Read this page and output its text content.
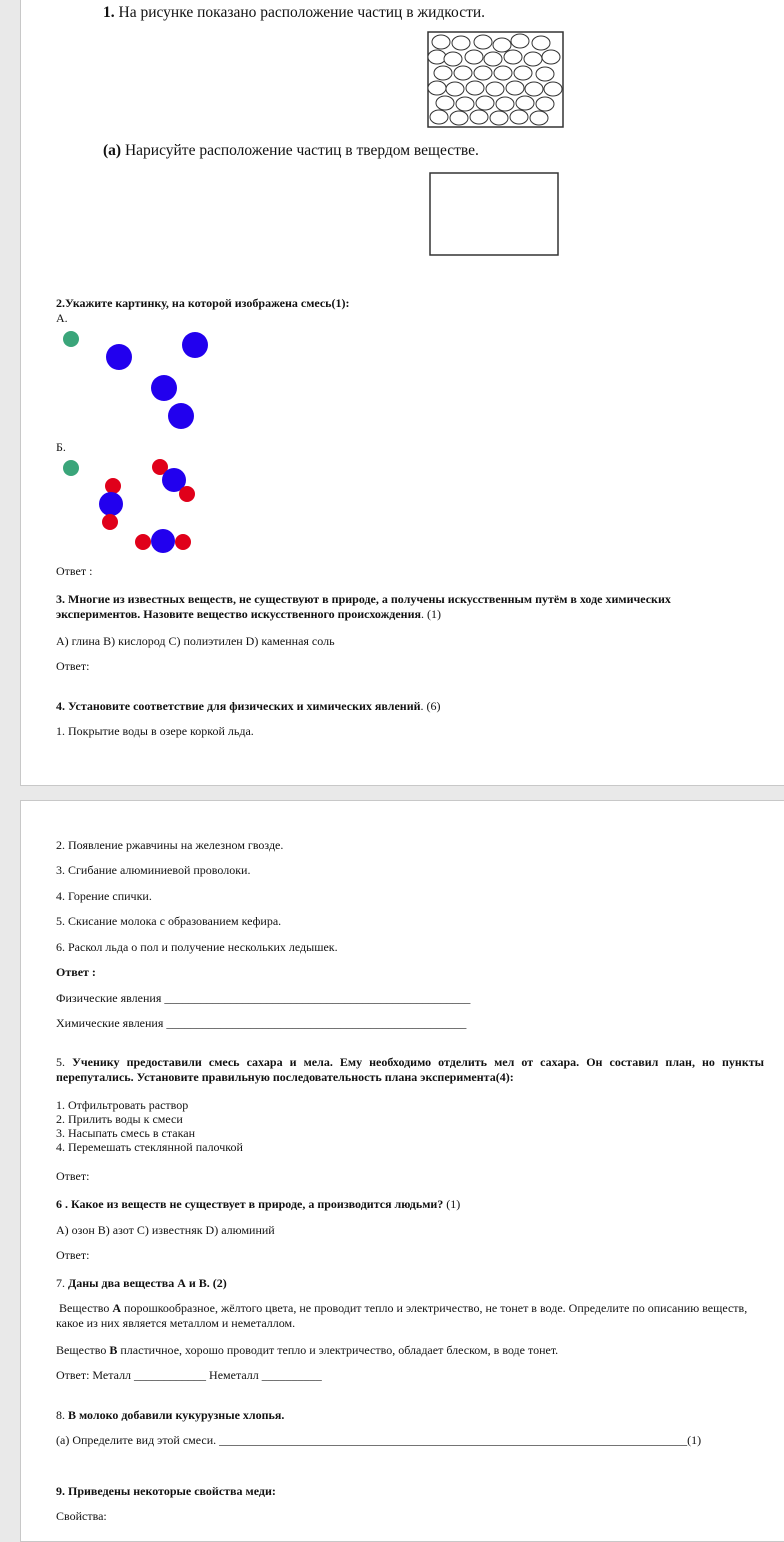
1. На рисунке показано расположение частиц в жидкости.
(а) Нарисуйте расположение частиц в твердом веществе.
2.Укажите картинку, на которой изображена смесь(1):
А.
Б.
Ответ :
3. Многие из известных веществ, не существуют в природе, а получены искусственным путём в ходе химических экспериментов. Назовите вещество искусственного происхождения. (1)
А) глина В) кислород С) полиэтилен D) каменная соль
Ответ:
4. Установите соответствие для физических и химических явлений. (6)
1. Покрытие воды в озере коркой льда.
2. Появление ржавчины на железном гвозде.
3. Сгибание алюминиевой проволоки.
4. Горение спички.
5. Скисание молока с образованием кефира.
6. Раскол льда о пол и получение нескольких ледышек.
Ответ :
Физические явления ___________________________________________________
Химические явления __________________________________________________
5. Ученику предоставили смесь сахара и мела. Ему необходимо отделить мел от сахара. Он составил план, но пункты перепутались. Установите правильную последовательность плана эксперимента(4):
1. Отфильтровать раствор
2. Прилить воды к смеси
3. Насыпать смесь в стакан
4. Перемешать стеклянной палочкой
Ответ:
6 . Какое из веществ не существует в природе, а производится людьми? (1)
А) озон В) азот С) известняк D) алюминий
Ответ:
7. Даны два вещества А и В. (2)
Вещество А порошкообразное, жёлтого цвета, не проводит тепло и электричество, не тонет в воде. Определите по описанию веществ, какое из них является металлом и неметаллом.
Вещество В пластичное, хорошо проводит тепло и электричество, обладает блеском, в воде тонет.
Ответ: Металл ____________ Неметалл __________
8. В молоко добавили кукурузные хлопья.
(а) Определите вид этой смеси. ______________________________________________________________________________(1)
9. Приведены некоторые свойства меди:
Свойства:
